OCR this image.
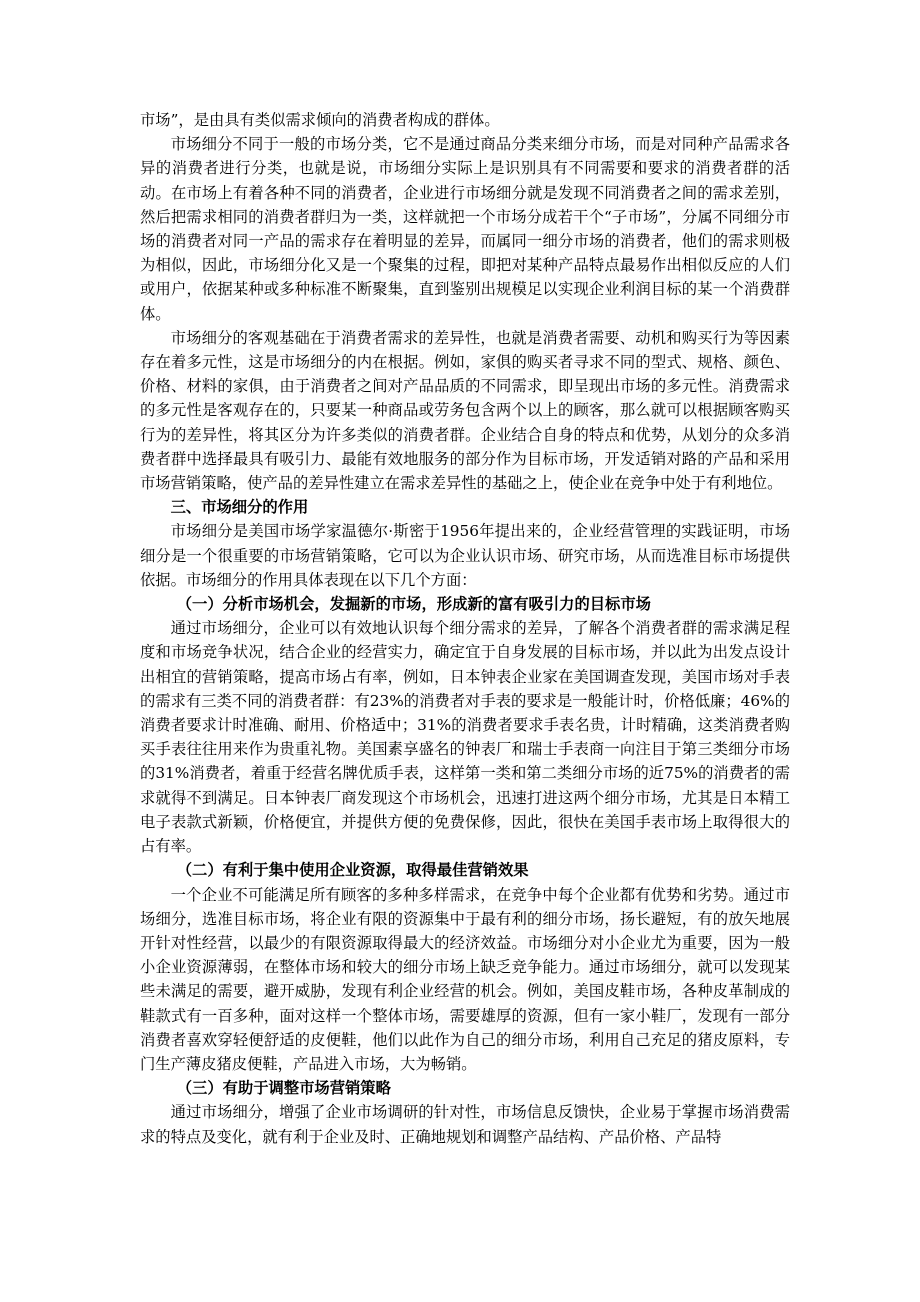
市场”，是由具有类似需求倾向的消费者构成的群体。

市场细分不同于一般的市场分类，它不是通过商品分类来细分市场，而是对同种产品需求各异的消费者进行分类，也就是说，市场细分实际上是识别具有不同需要和要求的消费者群的活动。在市场上有着各种不同的消费者，企业进行市场细分就是发现不同消费者之间的需求差别，然后把需求相同的消费者群归为一类，这样就把一个市场分成若干个“子市场”，分属不同细分市场的消费者对同一产品的需求存在着明显的差异，而属同一细分市场的消费者，他们的需求则极为相似，因此，市场细分化又是一个聚集的过程，即把对某种产品特点最易作出相似反应的人们或用户，依据某种或多种标准不断聚集，直到鉴别出规模足以实现企业利润目标的某一个消费群体。

市场细分的客观基础在于消费者需求的差异性，也就是消费者需要、动机和购买行为等因素存在着多元性，这是市场细分的内在根据。例如，家俱的购买者寻求不同的型式、规格、颜色、价格、材料的家俱，由于消费者之间对产品品质的不同需求，即呈现出市场的多元性。消费需求的多元性是客观存在的，只要某一种商品或劳务包含两个以上的顾客，那么就可以根据顾客购买行为的差异性，将其区分为许多类似的消费者群。企业结合自身的特点和优势，从划分的众多消费者群中选择最具有吸引力、最能有效地服务的部分作为目标市场，开发适销对路的产品和采用市场营销策略，使产品的差异性建立在需求差异性的基础之上，使企业在竞争中处于有利地位。

三、市场细分的作用

市场细分是美国市场学家温德尔·斯密于1956年提出来的，企业经营管理的实践证明，市场细分是一个很重要的市场营销策略，它可以为企业认识市场、研究市场，从而选准目标市场提供依据。市场细分的作用具体表现在以下几个方面：

（一）分析市场机会，发掘新的市场，形成新的富有吸引力的目标市场

通过市场细分，企业可以有效地认识每个细分需求的差异，了解各个消费者群的需求满足程度和市场竞争状况，结合企业的经营实力，确定宜于自身发展的目标市场，并以此为出发点设计出相宜的营销策略，提高市场占有率，例如，日本钟表企业家在美国调查发现，美国市场对手表的需求有三类不同的消费者群：有23%的消费者对手表的要求是一般能计时，价格低廉；46%的消费者要求计时准确、耐用、价格适中；31%的消费者要求手表名贵，计时精确，这类消费者购买手表往往用来作为贵重礼物。美国素享盛名的钟表厂和瑞士手表商一向注目于第三类细分市场的31%消费者，着重于经营名牌优质手表，这样第一类和第二类细分市场的近75%的消费者的需求就得不到满足。日本钟表厂商发现这个市场机会，迅速打进这两个细分市场，尤其是日本精工电子表款式新颖，价格便宜，并提供方便的免费保修，因此，很快在美国手表市场上取得很大的占有率。

（二）有利于集中使用企业资源，取得最佳营销效果

一个企业不可能满足所有顾客的多种多样需求，在竞争中每个企业都有优势和劣势。通过市场细分，选准目标市场，将企业有限的资源集中于最有利的细分市场，扬长避短，有的放矢地展开针对性经营，以最少的有限资源取得最大的经济效益。市场细分对小企业尤为重要，因为一般小企业资源薄弱，在整体市场和较大的细分市场上缺乏竞争能力。通过市场细分，就可以发现某些未满足的需要，避开威胁，发现有利企业经营的机会。例如，美国皮鞋市场，各种皮革制成的鞋款式有一百多种，面对这样一个整体市场，需要雄厚的资源，但有一家小鞋厂，发现有一部分消费者喜欢穿轻便舒适的皮便鞋，他们以此作为自己的细分市场，利用自己充足的猪皮原料，专门生产薄皮猪皮便鞋，产品进入市场，大为畅销。

（三）有助于调整市场营销策略

通过市场细分，增强了企业市场调研的针对性，市场信息反馈快，企业易于掌握市场消费需求的特点及变化，就有利于企业及时、正确地规划和调整产品结构、产品价格、产品特
